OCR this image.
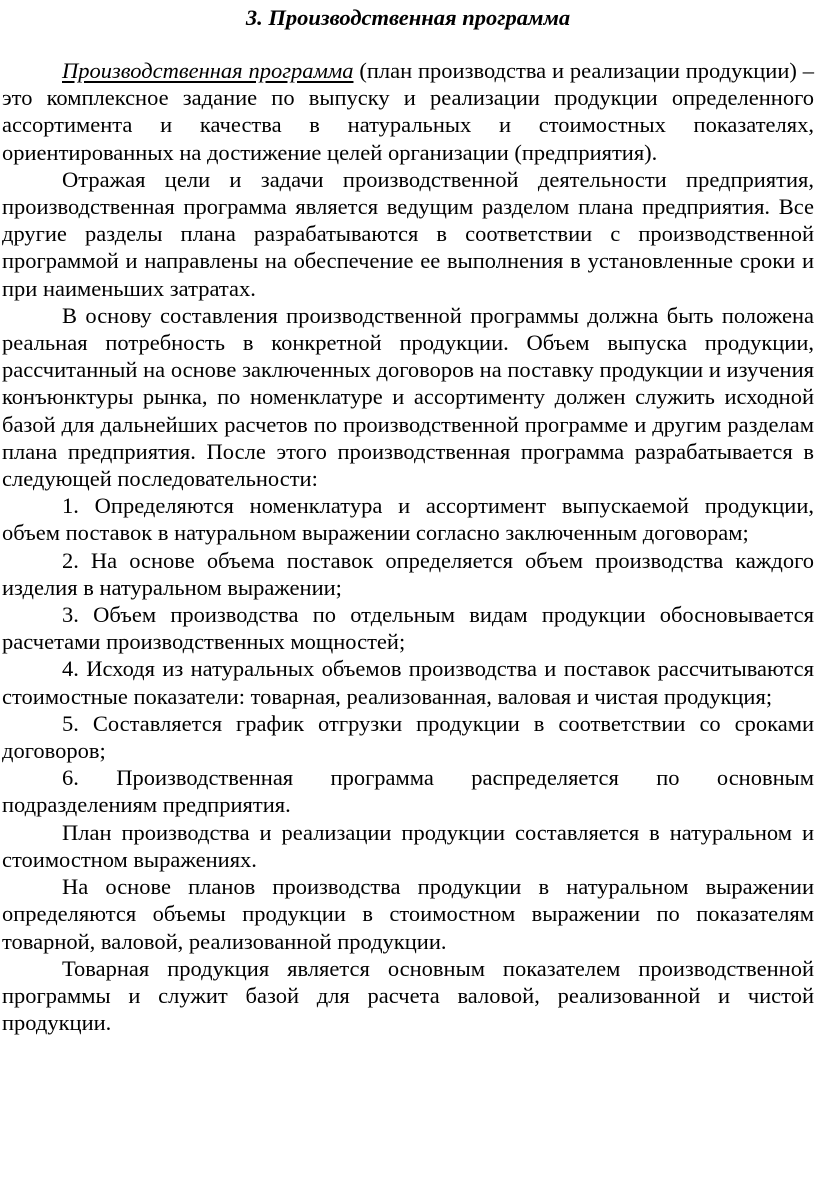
3. Производственная программа

Производственная программа (план производства и реализации продукции) – это комплексное задание по выпуску и реализации продукции определенного ассортимента и качества в натуральных и стоимостных показателях, ориентированных на достижение целей организации (предприятия).

Отражая цели и задачи производственной деятельности предприятия, производственная программа является ведущим разделом плана предприятия. Все другие разделы плана разрабатываются в соответствии с производственной программой и направлены на обеспечение ее выполнения в установленные сроки и при наименьших затратах.

В основу составления производственной программы должна быть положена реальная потребность в конкретной продукции. Объем выпуска продукции, рассчитанный на основе заключенных договоров на поставку продукции и изучения конъюнктуры рынка, по номенклатуре и ассортименту должен служить исходной базой для дальнейших расчетов по производственной программе и другим разделам плана предприятия. После этого производственная программа разрабатывается в следующей последовательности:

1. Определяются номенклатура и ассортимент выпускаемой продукции, объем поставок в натуральном выражении согласно заключенным договорам;

2. На основе объема поставок определяется объем производства каждого изделия в натуральном выражении;

3. Объем производства по отдельным видам продукции обосновывается расчетами производственных мощностей;

4. Исходя из натуральных объемов производства и поставок рассчитываются стоимостные показатели: товарная, реализованная, валовая и чистая продукция;

5. Составляется график отгрузки продукции в соответствии со сроками договоров;

6. Производственная программа распределяется по основным подразделениям предприятия.

План производства и реализации продукции составляется в натуральном и стоимостном выражениях.

На основе планов производства продукции в натуральном выражении определяются объемы продукции в стоимостном выражении по показателям товарной, валовой, реализованной продукции.

Товарная продукция является основным показателем производственной программы и служит базой для расчета валовой, реализованной и чистой продукции.
